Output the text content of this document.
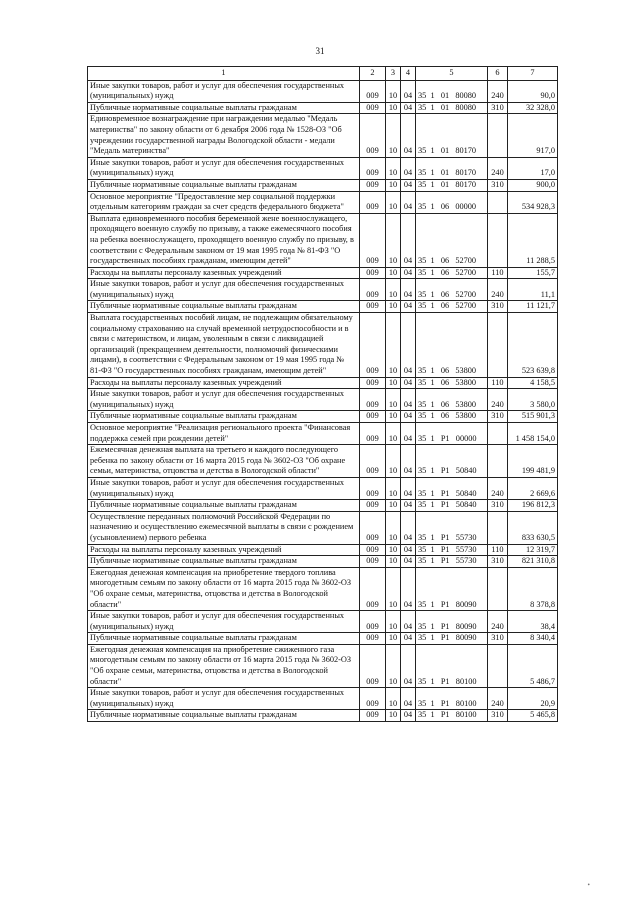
31
1	2	3	4	5	6	7
Иные закупки товаров, работ и услуг для обеспечения государственных (муниципальных) нужд	009	10	04	35  1   01   80080	240	90,0
Публичные нормативные социальные выплаты гражданам	009	10	04	35  1   01   80080	310	32 328,0
Единовременное вознаграждение при награждении медалью "Медаль материнства" по закону области от 6 декабря 2006 года № 1528-ОЗ "Об учреждении государственной награды Вологодской области - медали "Медаль материнства"	009	10	04	35  1   01   80170		917,0
Иные закупки товаров, работ и услуг для обеспечения государственных (муниципальных) нужд	009	10	04	35  1   01   80170	240	17,0
Публичные нормативные социальные выплаты гражданам	009	10	04	35  1   01   80170	310	900,0
Основное мероприятие "Предоставление мер социальной поддержки отдельным категориям граждан за счет средств федерального бюджета"	009	10	04	35  1   06   00000		534 928,3
Выплата единовременного пособия беременной жене военнослужащего, проходящего военную службу по призыву, а также ежемесячного пособия на ребенка военнослужащего, проходящего военную службу по призыву, в соответствии с Федеральным законом от 19 мая 1995 года № 81-ФЗ "О государственных пособиях гражданам, имеющим детей"	009	10	04	35  1   06   52700		11 288,5
Расходы на выплаты персоналу казенных учреждений	009	10	04	35  1   06   52700	110	155,7
Иные закупки товаров, работ и услуг для обеспечения государственных (муниципальных) нужд	009	10	04	35  1   06   52700	240	11,1
Публичные нормативные социальные выплаты гражданам	009	10	04	35  1   06   52700	310	11 121,7
Выплата государственных пособий лицам, не подлежащим обязательному социальному страхованию на случай временной нетрудоспособности и в связи с материнством, и лицам, уволенным в связи с ликвидацией организаций (прекращением деятельности, полномочий физическими лицами), в соответствии с Федеральным законом от 19 мая 1995 года № 81-ФЗ "О государственных пособиях гражданам, имеющим детей"	009	10	04	35  1   06   53800		523 639,8
Расходы на выплаты персоналу казенных учреждений	009	10	04	35  1   06   53800	110	4 158,5
Иные закупки товаров, работ и услуг для обеспечения государственных (муниципальных) нужд	009	10	04	35  1   06   53800	240	3 580,0
Публичные нормативные социальные выплаты гражданам	009	10	04	35  1   06   53800	310	515 901,3
Основное мероприятие "Реализация регионального проекта "Финансовая поддержка семей при рождении детей"	009	10	04	35  1   P1   00000		1 458 154,0
Ежемесячная денежная выплата на третьего и каждого последующего ребенка по закону области от 16 марта 2015 года № 3602-ОЗ "Об охране семьи, материнства, отцовства и детства в Вологодской области"	009	10	04	35  1   P1   50840		199 481,9
Иные закупки товаров, работ и услуг для обеспечения государственных (муниципальных) нужд	009	10	04	35  1   P1   50840	240	2 669,6
Публичные нормативные социальные выплаты гражданам	009	10	04	35  1   P1   50840	310	196 812,3
Осуществление переданных полномочий Российской Федерации по назначению и осуществлению ежемесячной выплаты в связи с рождением (усыновлением) первого ребенка	009	10	04	35  1   P1   55730		833 630,5
Расходы на выплаты персоналу казенных учреждений	009	10	04	35  1   P1   55730	110	12 319,7
Публичные нормативные социальные выплаты гражданам	009	10	04	35  1   P1   55730	310	821 310,8
Ежегодная денежная компенсация на приобретение твердого топлива многодетным семьям по закону области от 16 марта 2015 года № 3602-ОЗ "Об охране семьи, материнства, отцовства и детства в Вологодской области"	009	10	04	35  1   P1   80090		8 378,8
Иные закупки товаров, работ и услуг для обеспечения государственных (муниципальных) нужд	009	10	04	35  1   P1   80090	240	38,4
Публичные нормативные социальные выплаты гражданам	009	10	04	35  1   P1   80090	310	8 340,4
Ежегодная денежная компенсация на приобретение сжиженного газа многодетным семьям по закону области от 16 марта 2015 года № 3602-ОЗ "Об охране семьи, материнства, отцовства и детства в Вологодской области"	009	10	04	35  1   P1   80100		5 486,7
Иные закупки товаров, работ и услуг для обеспечения государственных (муниципальных) нужд	009	10	04	35  1   P1   80100	240	20,9
Публичные нормативные социальные выплаты гражданам	009	10	04	35  1   P1   80100	310	5 465,8
•
